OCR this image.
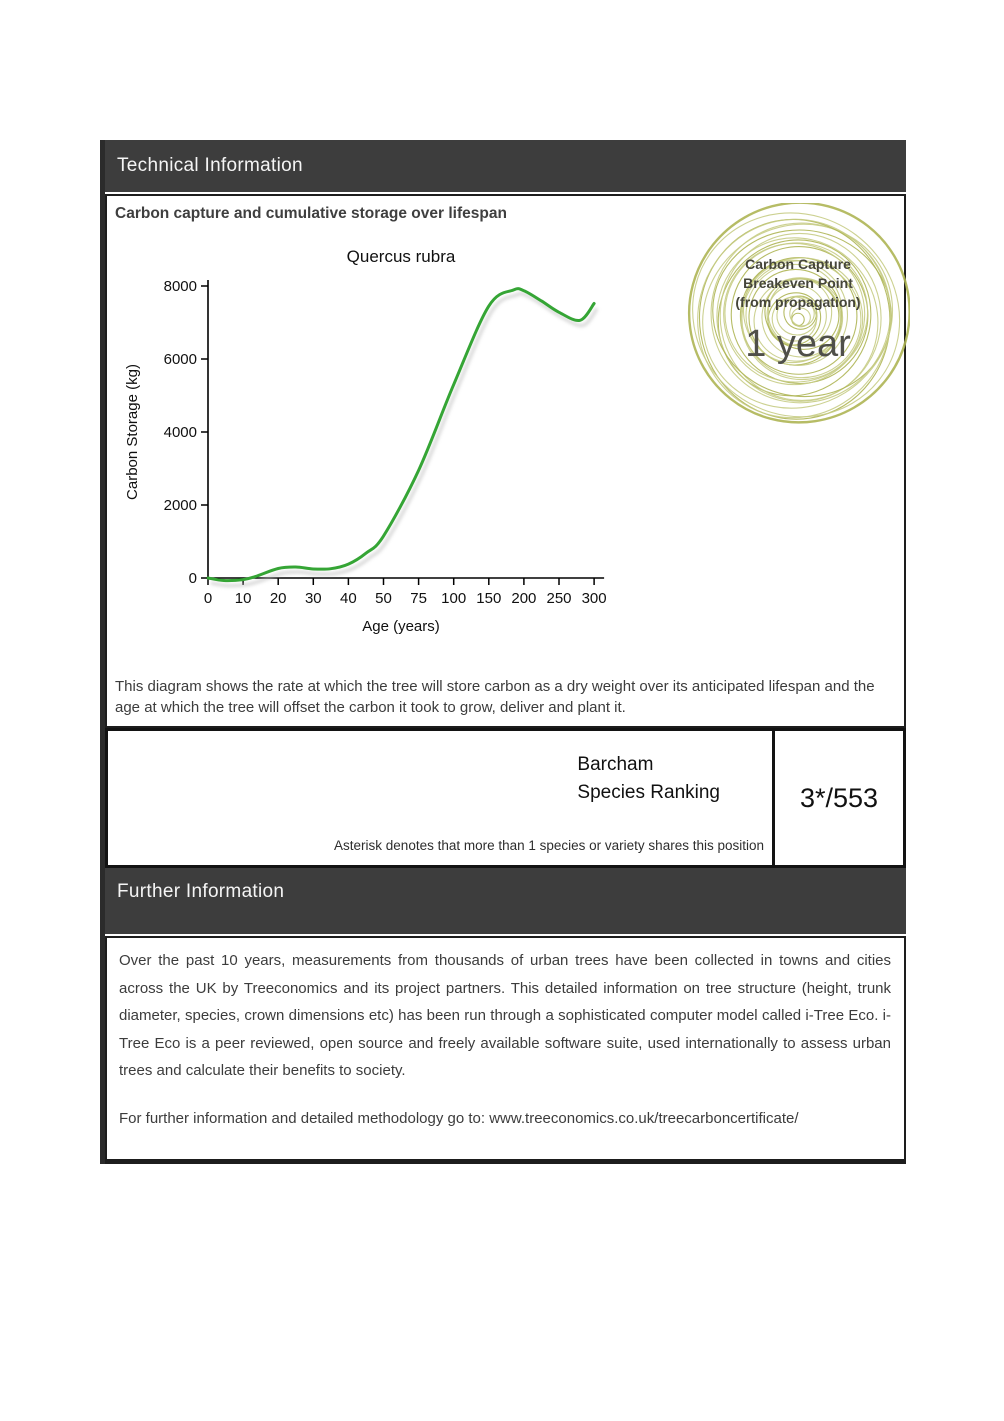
Technical Information
Carbon capture and cumulative storage over lifespan
Quercus rubra
0
2000
4000
6000
8000
0 10 20 30 40 50 75 100 150 200 250 300
Age (years)
Carbon Storage (kg)
Carbon Capture
Breakeven Point
(from propagation)
1 year
This diagram shows the rate at which the tree will store carbon as a dry weight over its anticipated lifespan and the age at which the tree will offset the carbon it took to grow, deliver and plant it.
Barcham
Species Ranking
Asterisk denotes that more than 1 species or variety shares this position
3*/553
Further Information
Over the past 10 years, measurements from thousands of urban trees have been collected in towns and cities across the UK by Treeconomics and its project partners. This detailed information on tree structure (height, trunk diameter, species, crown dimensions etc) has been run through a sophisticated computer model called i-Tree Eco. i-Tree Eco is a peer reviewed, open source and freely available software suite, used internationally to assess urban trees and calculate their benefits to society.
For further information and detailed methodology go to: www.treeconomics.co.uk/treecarboncertificate/
